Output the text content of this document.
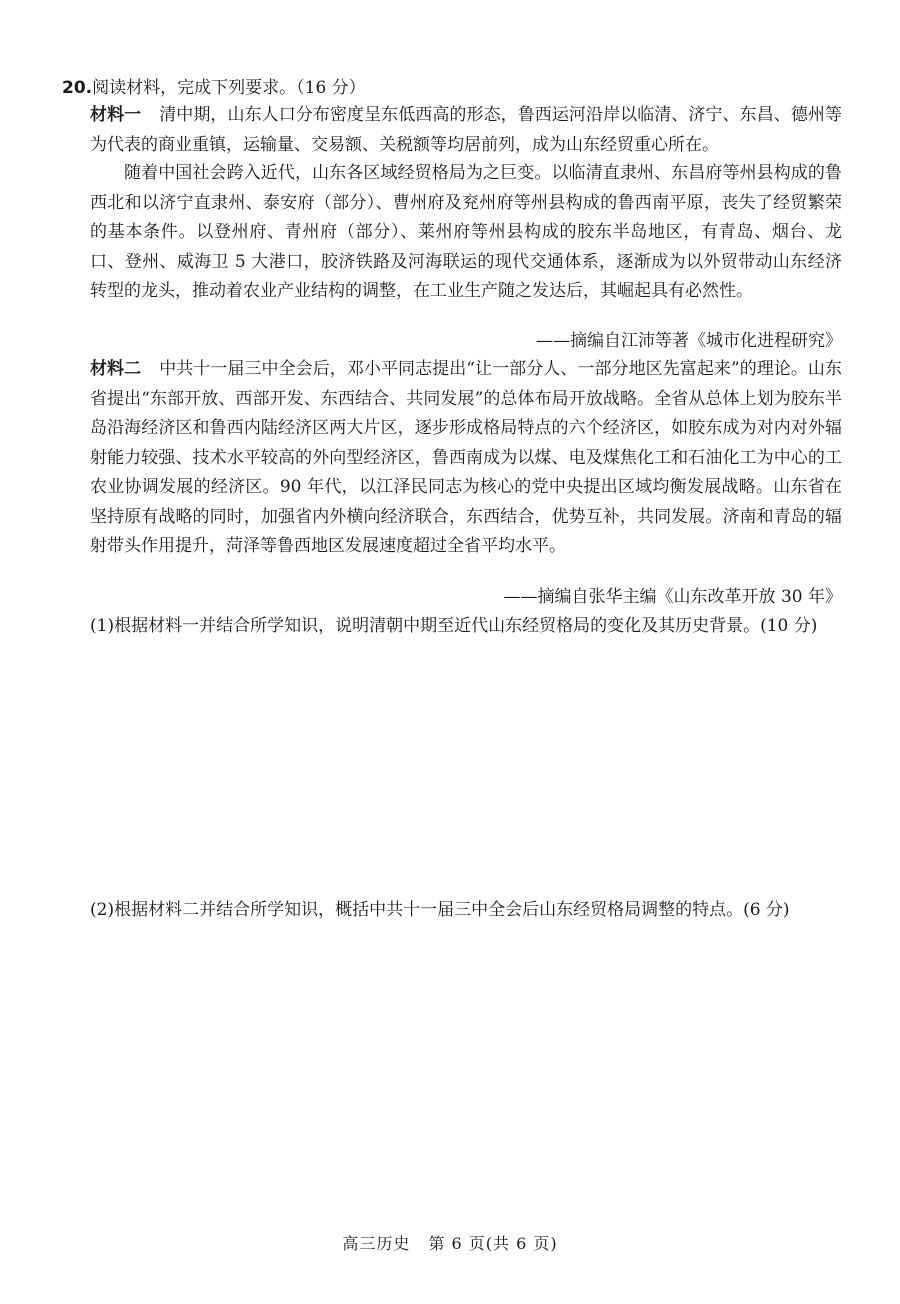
20.阅读材料，完成下列要求。（16 分）
材料一 清中期，山东人口分布密度呈东低西高的形态，鲁西运河沿岸以临清、济宁、东昌、德州等为代表的商业重镇，运输量、交易额、关税额等均居前列，成为山东经贸重心所在。
随着中国社会跨入近代，山东各区域经贸格局为之巨变。以临清直隶州、东昌府等州县构成的鲁西北和以济宁直隶州、泰安府（部分）、曹州府及兖州府等州县构成的鲁西南平原，丧失了经贸繁荣的基本条件。以登州府、青州府（部分）、莱州府等州县构成的胶东半岛地区，有青岛、烟台、龙口、登州、威海卫 5 大港口，胶济铁路及河海联运的现代交通体系，逐渐成为以外贸带动山东经济转型的龙头，推动着农业产业结构的调整，在工业生产随之发达后，其崛起具有必然性。
——摘编自江沛等著《城市化进程研究》
材料二 中共十一届三中全会后，邓小平同志提出“让一部分人、一部分地区先富起来”的理论。山东省提出“东部开放、西部开发、东西结合、共同发展”的总体布局开放战略。全省从总体上划为胶东半岛沿海经济区和鲁西内陆经济区两大片区，逐步形成格局特点的六个经济区，如胶东成为对内对外辐射能力较强、技术水平较高的外向型经济区，鲁西南成为以煤、电及煤焦化工和石油化工为中心的工农业协调发展的经济区。90 年代，以江泽民同志为核心的党中央提出区域均衡发展战略。山东省在坚持原有战略的同时，加强省内外横向经济联合，东西结合，优势互补，共同发展。济南和青岛的辐射带头作用提升，菏泽等鲁西地区发展速度超过全省平均水平。
——摘编自张华主编《山东改革开放 30 年》
(1)根据材料一并结合所学知识，说明清朝中期至近代山东经贸格局的变化及其历史背景。(10 分)
(2)根据材料二并结合所学知识，概括中共十一届三中全会后山东经贸格局调整的特点。(6 分)
高三历史 第 6 页(共 6 页)
